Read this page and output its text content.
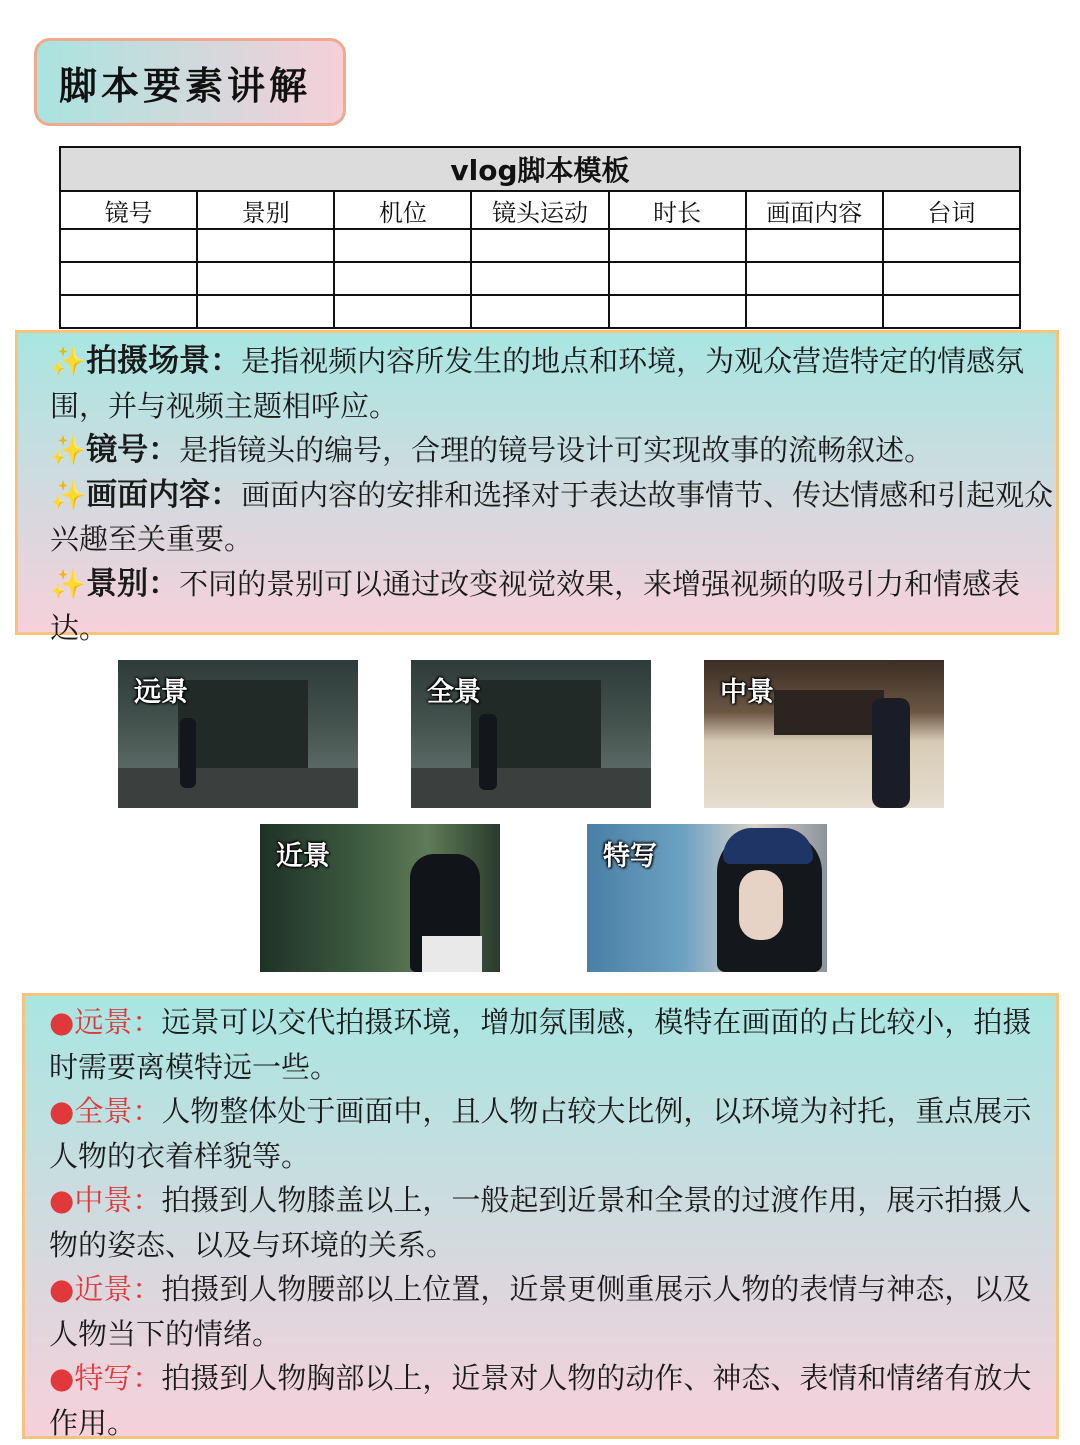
脚本要素讲解
vlog脚本模板						
镜号	景别	机位	镜头运动	时长	画面内容	台词

✨拍摄场景：是指视频内容所发生的地点和环境，为观众营造特定的情感氛围，并与视频主题相呼应。

✨镜号：是指镜头的编号，合理的镜号设计可实现故事的流畅叙述。

✨画面内容：画面内容的安排和选择对于表达故事情节、传达情感和引起观众兴趣至关重要。

✨景别：不同的景别可以通过改变视觉效果，来增强视频的吸引力和情感表达。

远景	全景	中景
近景	特写

●远景：远景可以交代拍摄环境，增加氛围感，模特在画面的占比较小，拍摄时需要离模特远一些。

●全景：人物整体处于画面中，且人物占较大比例，以环境为衬托，重点展示人物的衣着样貌等。

●中景：拍摄到人物膝盖以上，一般起到近景和全景的过渡作用，展示拍摄人物的姿态、以及与环境的关系。

●近景：拍摄到人物腰部以上位置，近景更侧重展示人物的表情与神态，以及人物当下的情绪。

●特写：拍摄到人物胸部以上，近景对人物的动作、神态、表情和情绪有放大作用。
